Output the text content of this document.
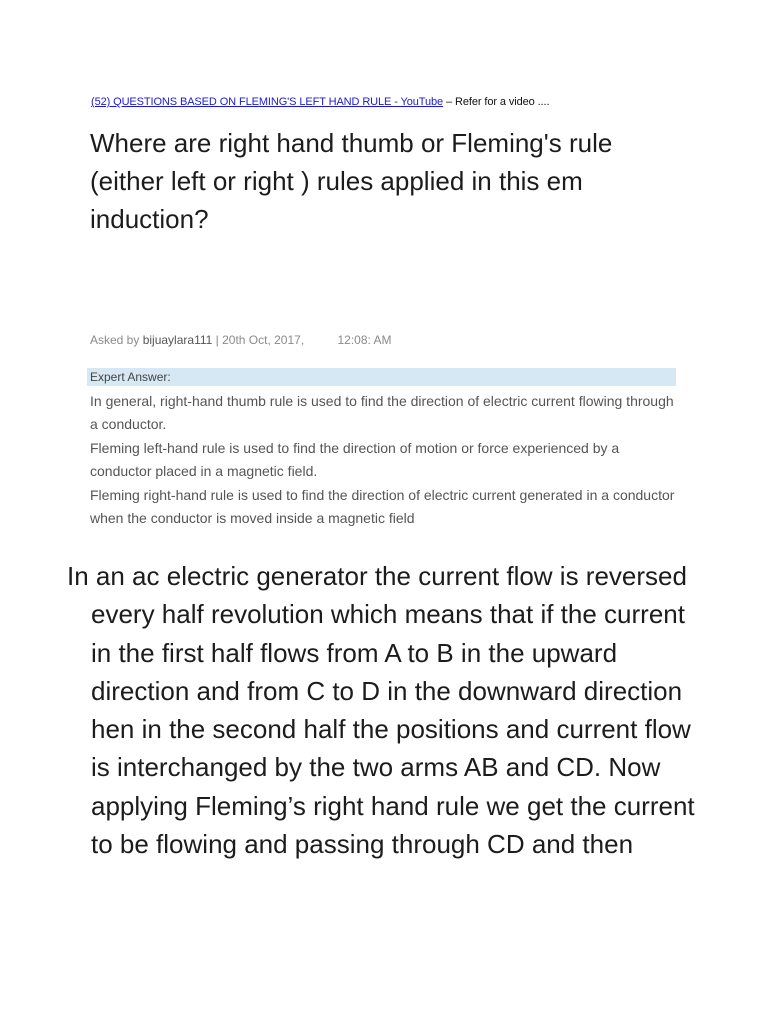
(52) QUESTIONS BASED ON FLEMING'S LEFT HAND RULE - YouTube – Refer for a video ....
Where are right hand thumb or Fleming's rule (either left or right ) rules applied in this em induction?
Asked by bijuaylara111 | 20th Oct, 2017,          12:08: AM
Expert Answer:

In general, right-hand thumb rule is used to find the direction of electric current flowing through a conductor.

Fleming left-hand rule is used to find the direction of motion or force experienced by a conductor placed in a magnetic field.

Fleming right-hand rule is used to find the direction of electric current generated in a conductor when the conductor is moved inside a magnetic field

In an ac electric generator the current flow is reversed every half revolution which means that if the current in the first half flows from A to B in the upward direction and from C to D in the downward direction hen in the second half the positions and current flow is interchanged by the two arms AB and CD. Now applying Fleming’s right hand rule we get the current to be flowing and passing through CD and then
